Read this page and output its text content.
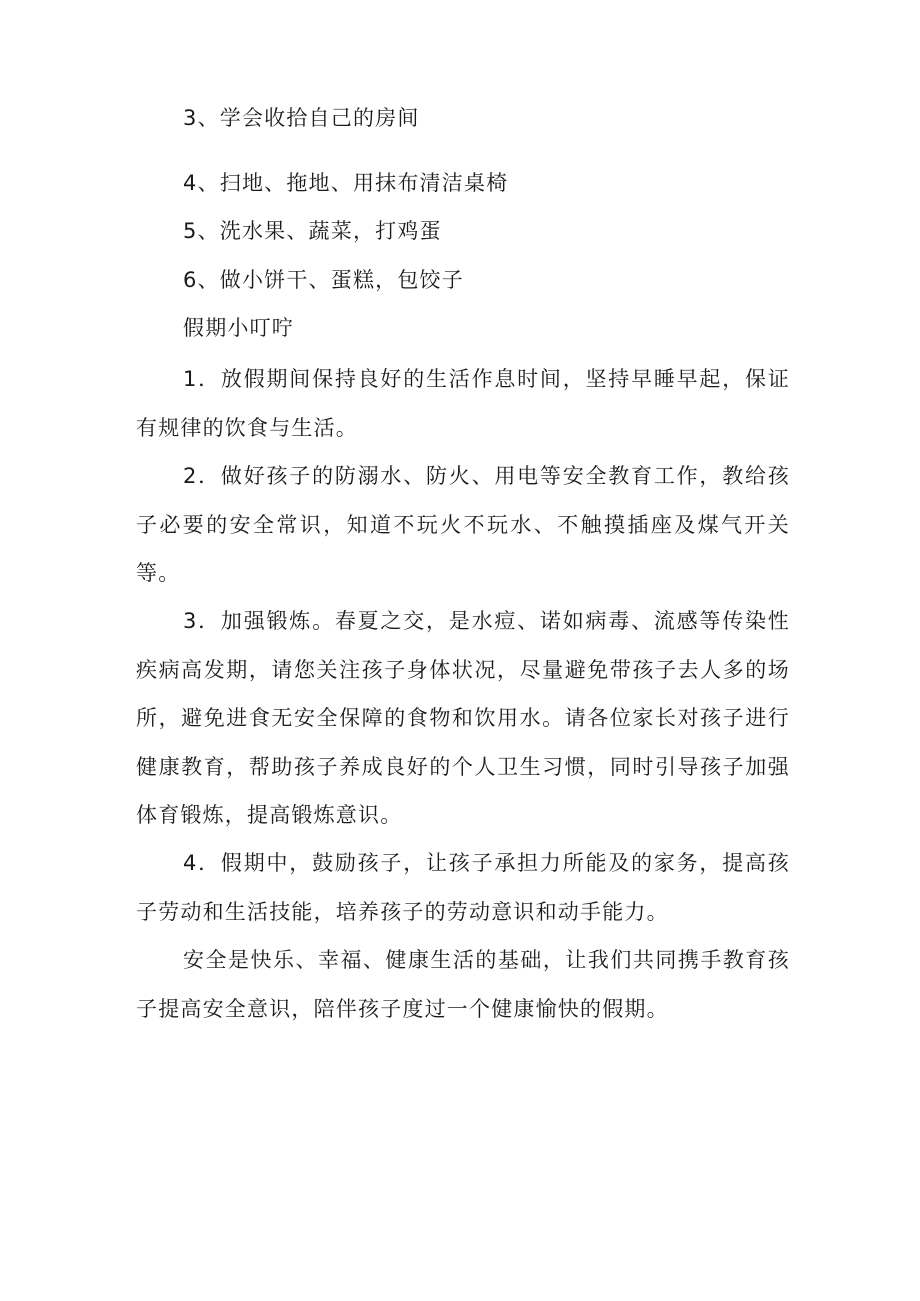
3、学会收拾自己的房间
4、扫地、拖地、用抹布清洁桌椅
5、洗水果、蔬菜，打鸡蛋
6、做小饼干、蛋糕，包饺子
假期小叮咛

1．放假期间保持良好的生活作息时间，坚持早睡早起，保证有规律的饮食与生活。

2．做好孩子的防溺水、防火、用电等安全教育工作，教给孩子必要的安全常识，知道不玩火不玩水、不触摸插座及煤气开关等。

3．加强锻炼。春夏之交，是水痘、诺如病毒、流感等传染性疾病高发期，请您关注孩子身体状况，尽量避免带孩子去人多的场所，避免进食无安全保障的食物和饮用水。请各位家长对孩子进行健康教育，帮助孩子养成良好的个人卫生习惯，同时引导孩子加强体育锻炼，提高锻炼意识。

4．假期中，鼓励孩子，让孩子承担力所能及的家务，提高孩子劳动和生活技能，培养孩子的劳动意识和动手能力。

安全是快乐、幸福、健康生活的基础，让我们共同携手教育孩子提高安全意识，陪伴孩子度过一个健康愉快的假期。
